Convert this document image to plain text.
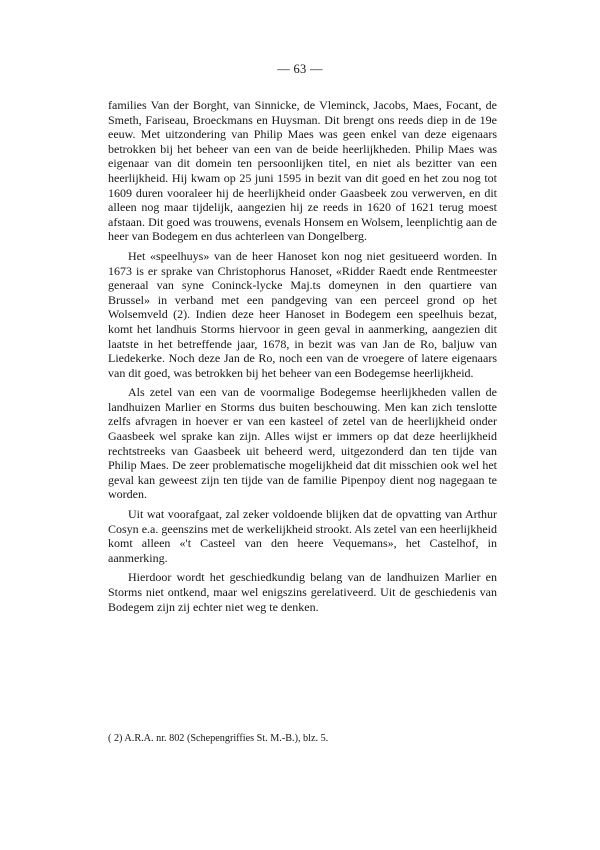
— 63 —

families Van der Borght, van Sinnicke, de Vleminck, Jacobs, Maes, Focant, de Smeth, Fariseau, Broeckmans en Huysman. Dit brengt ons reeds diep in de 19e eeuw. Met uitzondering van Philip Maes was geen enkel van deze eigenaars betrokken bij het beheer van een van de beide heerlijkheden. Philip Maes was eigenaar van dit domein ten persoonlijken titel, en niet als bezitter van een heerlijkheid. Hij kwam op 25 juni 1595 in bezit van dit goed en het zou nog tot 1609 duren vooraleer hij de heerlijkheid onder Gaasbeek zou verwerven, en dit alleen nog maar tijdelijk, aangezien hij ze reeds in 1620 of 1621 terug moest afstaan. Dit goed was trouwens, evenals Honsem en Wolsem, leenplichtig aan de heer van Bodegem en dus achterleen van Dongelberg.

Het «speelhuys» van de heer Hanoset kon nog niet gesitueerd worden. In 1673 is er sprake van Christophorus Hanoset, «Ridder Raedt ende Rentmeester generaal van syne Coninck-lycke Maj.ts domeynen in den quartiere van Brussel» in verband met een pandgeving van een perceel grond op het Wolsemveld (2). Indien deze heer Hanoset in Bodegem een speelhuis bezat, komt het landhuis Storms hiervoor in geen geval in aanmerking, aangezien dit laatste in het betreffende jaar, 1678, in bezit was van Jan de Ro, baljuw van Liedekerke. Noch deze Jan de Ro, noch een van de vroegere of latere eigenaars van dit goed, was betrokken bij het beheer van een Bodegemse heerlijkheid.

Als zetel van een van de voormalige Bodegemse heerlijkheden vallen de landhuizen Marlier en Storms dus buiten beschouwing. Men kan zich tenslotte zelfs afvragen in hoever er van een kasteel of zetel van de heerlijkheid onder Gaasbeek wel sprake kan zijn. Alles wijst er immers op dat deze heerlijkheid rechtstreeks van Gaasbeek uit beheerd werd, uitgezonderd dan ten tijde van Philip Maes. De zeer problematische mogelijkheid dat dit misschien ook wel het geval kan geweest zijn ten tijde van de familie Pipenpoy dient nog nagegaan te worden.

Uit wat voorafgaat, zal zeker voldoende blijken dat de opvatting van Arthur Cosyn e.a. geenszins met de werkelijkheid strookt. Als zetel van een heerlijkheid komt alleen «'t Casteel van den heere Vequemans», het Castelhof, in aanmerking.

Hierdoor wordt het geschiedkundig belang van de landhuizen Marlier en Storms niet ontkend, maar wel enigszins gerelativeerd. Uit de geschiedenis van Bodegem zijn zij echter niet weg te denken.

( 2) A.R.A. nr. 802 (Schepengriffies St. M.-B.), blz. 5.
